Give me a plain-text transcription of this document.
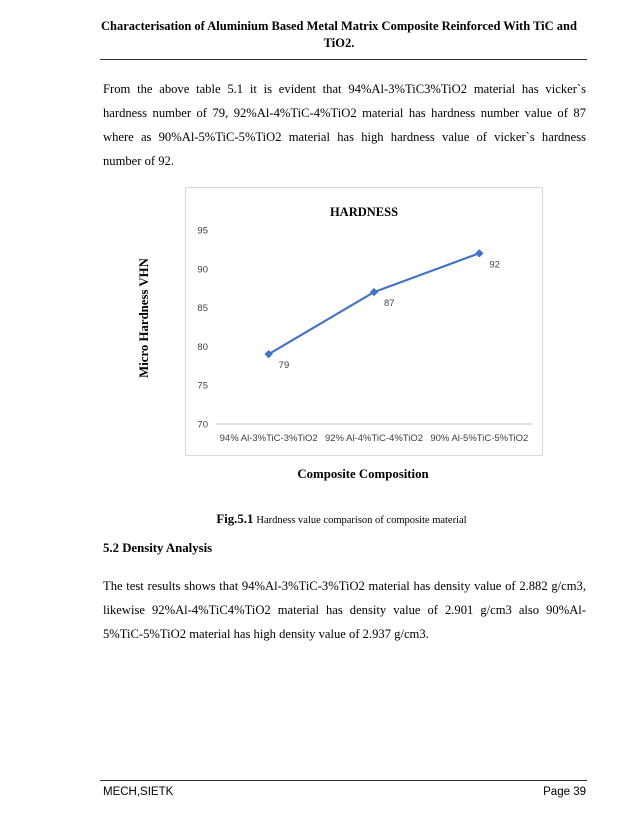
Characterisation of Aluminium Based Metal Matrix Composite Reinforced With TiC and
TiO2.

From the above table 5.1 it is evident that 94%Al-3%TiC3%TiO2 material has vicker`s hardness number of 79, 92%Al-4%TiC-4%TiO2 material has hardness number value of 87 where as 90%Al-5%TiC-5%TiO2 material has high hardness value of vicker`s hardness number of 92.

HARDNESS
70
75
80
85
90
95
94% Al-3%TiC-3%TiO2 92% Al-4%TiC-4%TiO2 90% Al-5%TiC-5%TiO2
79
87
92
Micro Hardness VHN
Composite Composition
Fig.5.1 Hardness value comparison of composite material

5.2 Density Analysis

The test results shows that 94%Al-3%TiC-3%TiO2 material has density value of 2.882 g/cm3, likewise 92%Al-4%TiC4%TiO2 material has density value of 2.901 g/cm3 also 90%Al-5%TiC-5%TiO2 material has high density value of 2.937 g/cm3.

MECH,SIETK	Page 39
